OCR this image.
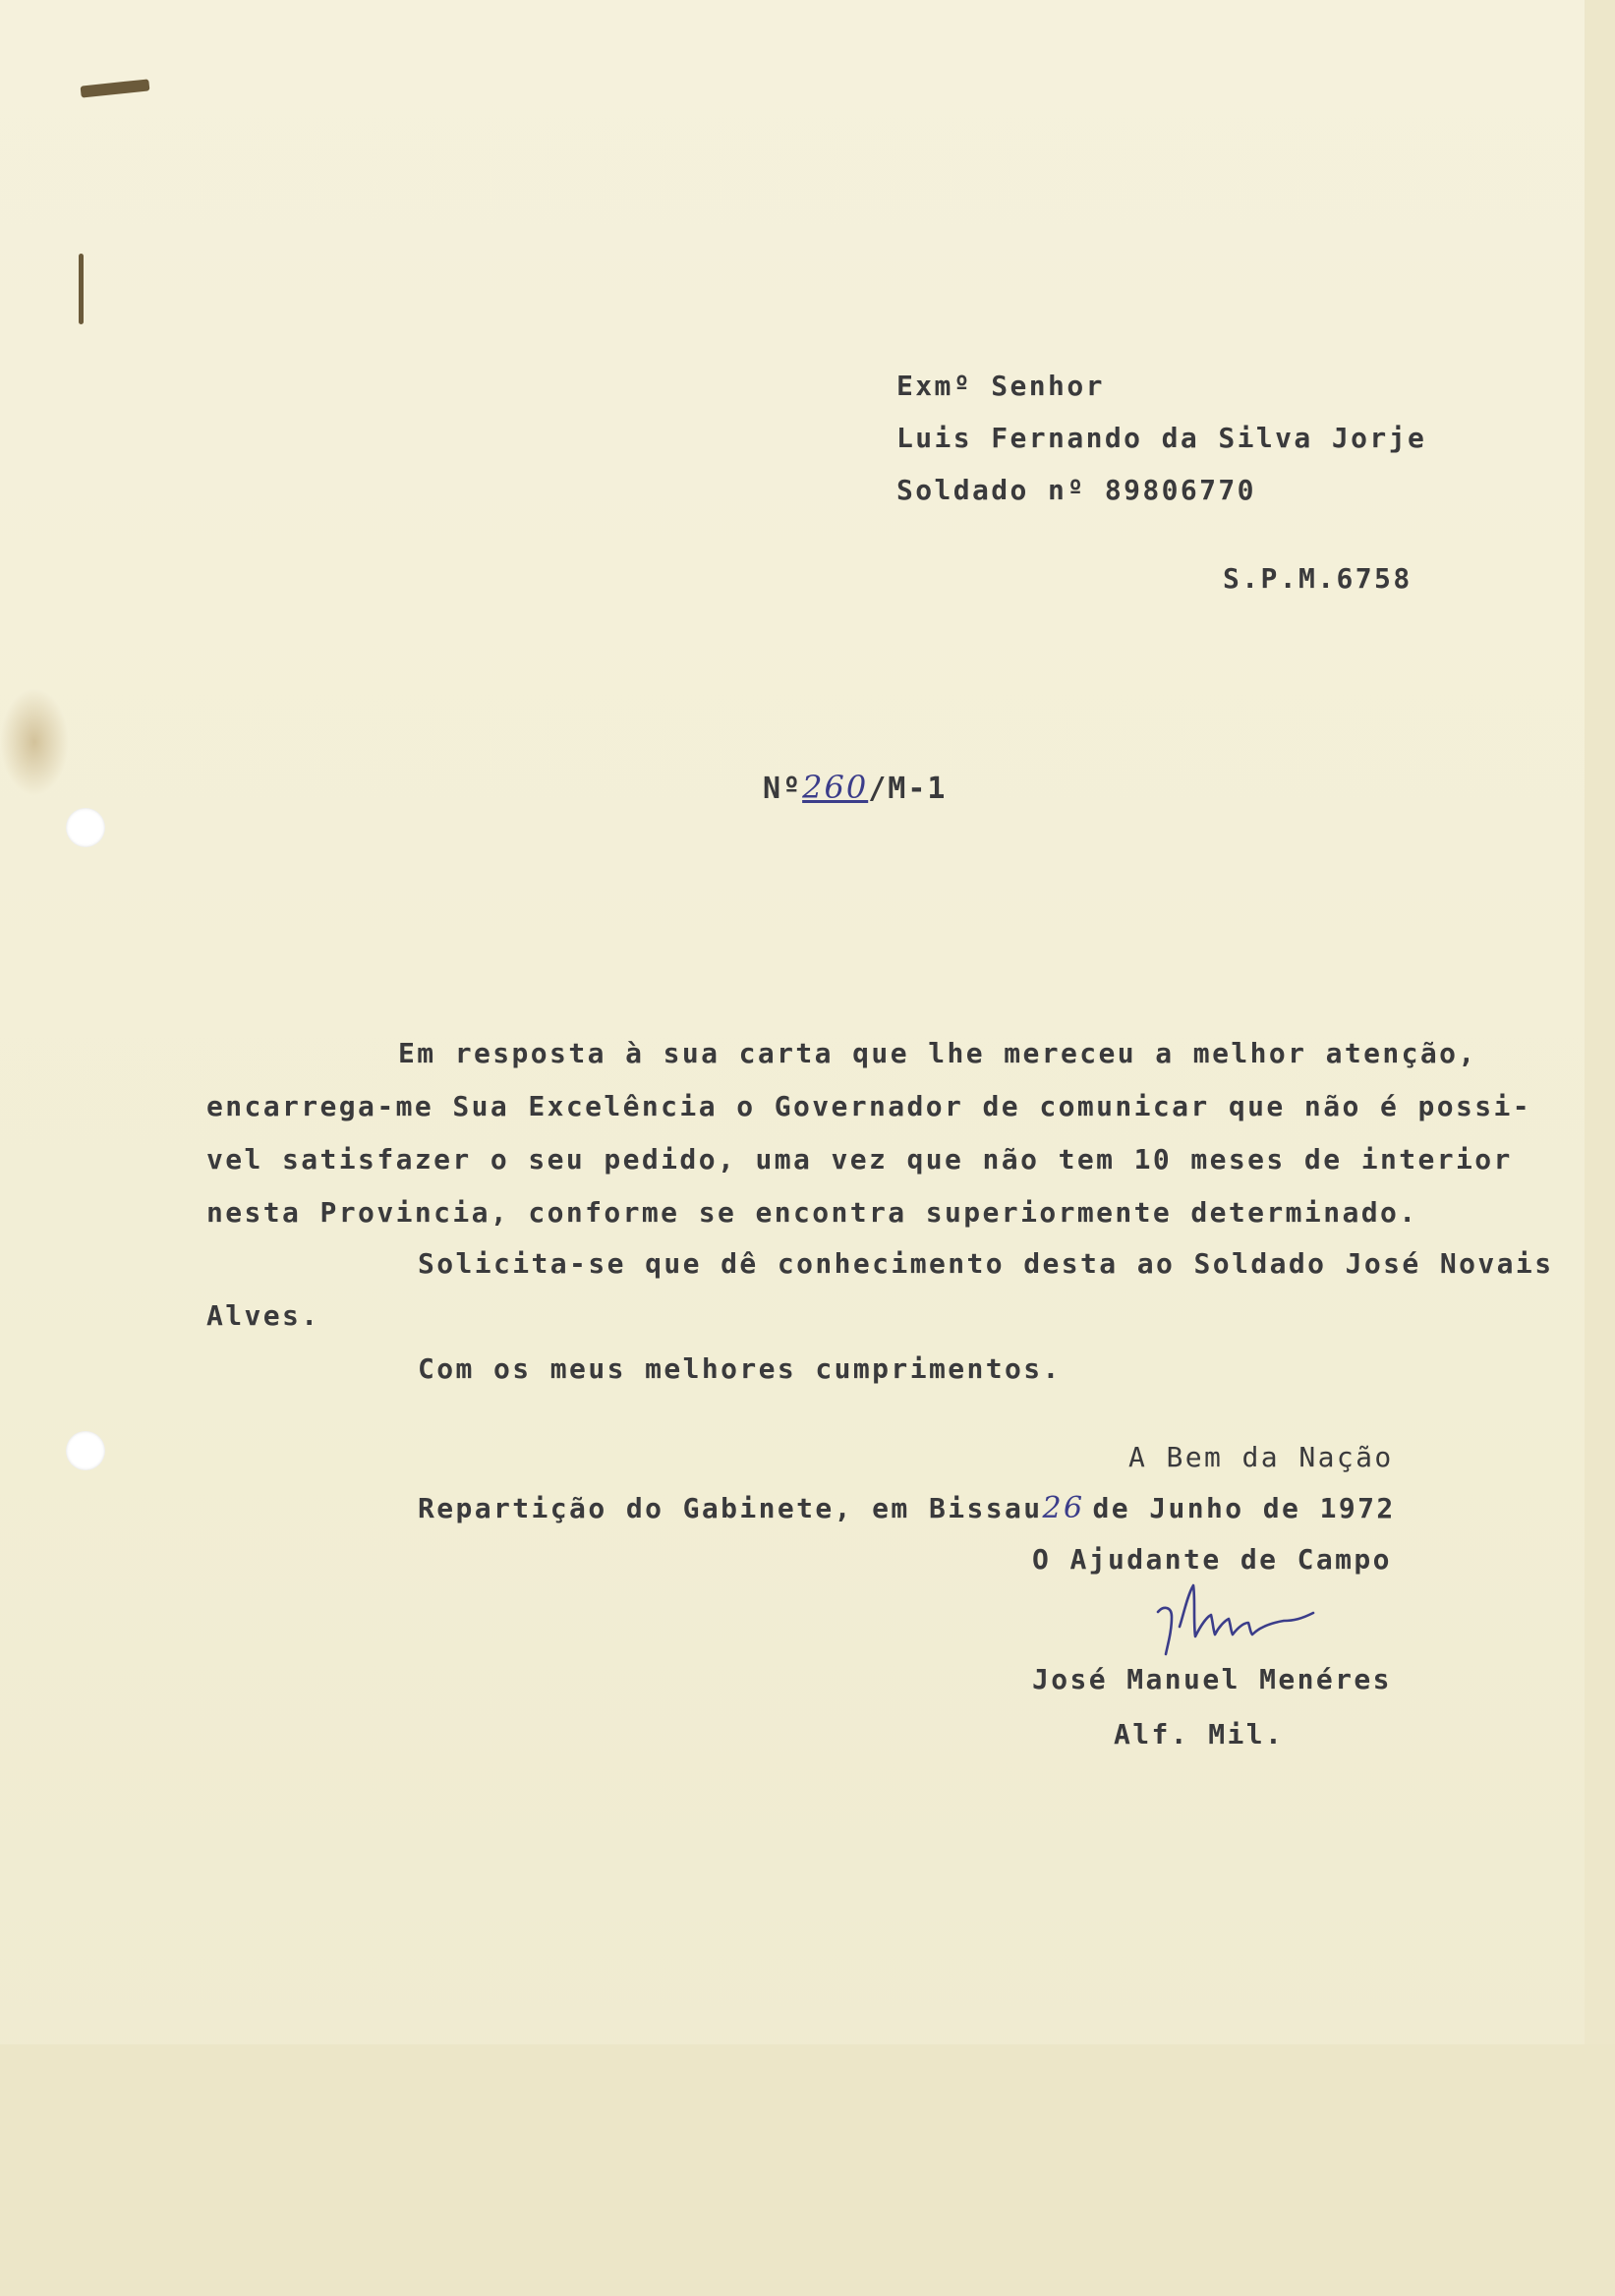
Exmº Senhor
Luis Fernando da Silva Jorje
Soldado nº 89806770
S.P.M.6758
Nº260/M-1
Em resposta à sua carta que lhe mereceu a melhor atenção,
encarrega-me Sua Excelência o Governador de comunicar que não é possi-
vel satisfazer o seu pedido, uma vez que não tem 10 meses de interior
nesta Provincia, conforme se encontra superiormente determinado.
Solicita-se que dê conhecimento desta ao Soldado José Novais
Alves.
Com os meus melhores cumprimentos.
A Bem da Nação
Repartição do Gabinete, em Bissau26 de Junho de 1972
O Ajudante de Campo
José Manuel Menéres
Alf. Mil.
